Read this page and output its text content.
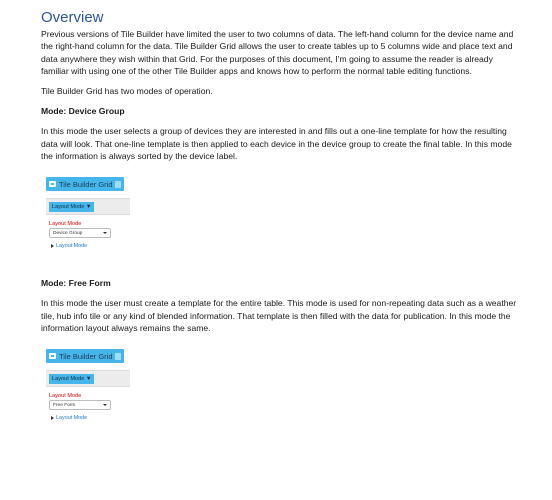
Overview

Previous versions of Tile Builder have limited the user to two columns of data. The left-hand column for the device name and the right-hand column for the data. Tile Builder Grid allows the user to create tables up to 5 columns wide and place text and data anywhere they wish within that Grid. For the purposes of this document, I’m going to assume the reader is already familiar with using one of the other Tile Builder apps and knows how to perform the normal table editing functions.

Tile Builder Grid has two modes of operation.

Mode: Device Group

In this mode the user selects a group of devices they are interested in and fills out a one-line template for how the resulting data will look. That one-line template is then applied to each device in the device group to create the final table. In this mode the information is always sorted by the device label.

Tile Builder Grid
Layout Mode ▼
Layout Mode
Device Group
Layout Mode
Mode: Free Form

In this mode the user must create a template for the entire table. This mode is used for non-repeating data such as a weather tile, hub info tile or any kind of blended information. That template is then filled with the data for publication. In this mode the information layout always remains the same.

Tile Builder Grid
Layout Mode ▼
Layout Mode
Free Form
Layout Mode
